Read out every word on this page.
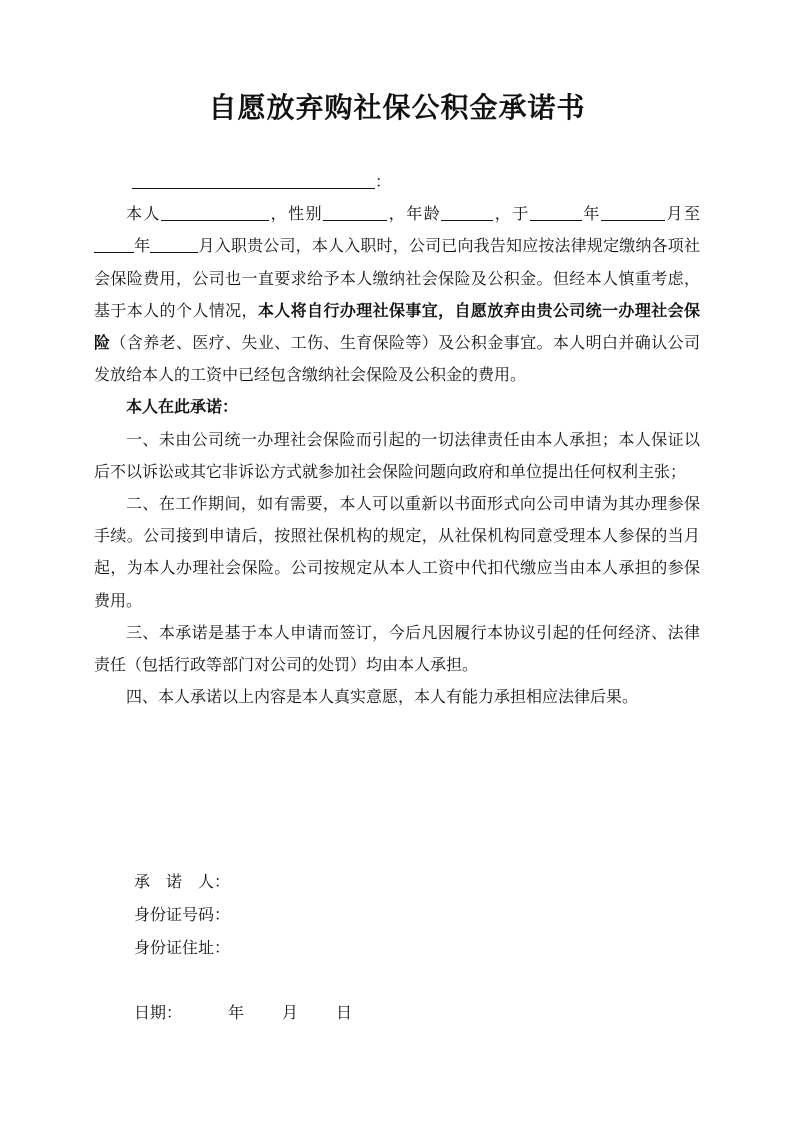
自愿放弃购社保公积金承诺书

：

本人	，性别	，年龄	，于	年	月至年	月入职贵公司，本人入职时，公司已向我告知应按法律规定缴纳各项社会保险费用，公司也一直要求给予本人缴纳社会保险及公积金。但经本人慎重考虑，基于本人的个人情况，本人将自行办理社保事宜，自愿放弃由贵公司统一办理社会保险（含养老、医疗、失业、工伤、生育保险等）及公积金事宜。本人明白并确认公司发放给本人的工资中已经包含缴纳社会保险及公积金的费用。

本人在此承诺：

一、未由公司统一办理社会保险而引起的一切法律责任由本人承担；本人保证以后不以诉讼或其它非诉讼方式就参加社会保险问题向政府和单位提出任何权利主张；

二、在工作期间，如有需要，本人可以重新以书面形式向公司申请为其办理参保手续。公司接到申请后，按照社保机构的规定，从社保机构同意受理本人参保的当月起，为本人办理社会保险。公司按规定从本人工资中代扣代缴应当由本人承担的参保费用。

三、本承诺是基于本人申请而签订，今后凡因履行本协议引起的任何经济、法律责任（包括行政等部门对公司的处罚）均由本人承担。

四、本人承诺以上内容是本人真实意愿，本人有能力承担相应法律后果。

承　诺　人：
身份证号码：
身份证住址：
日期：	年 月 日
